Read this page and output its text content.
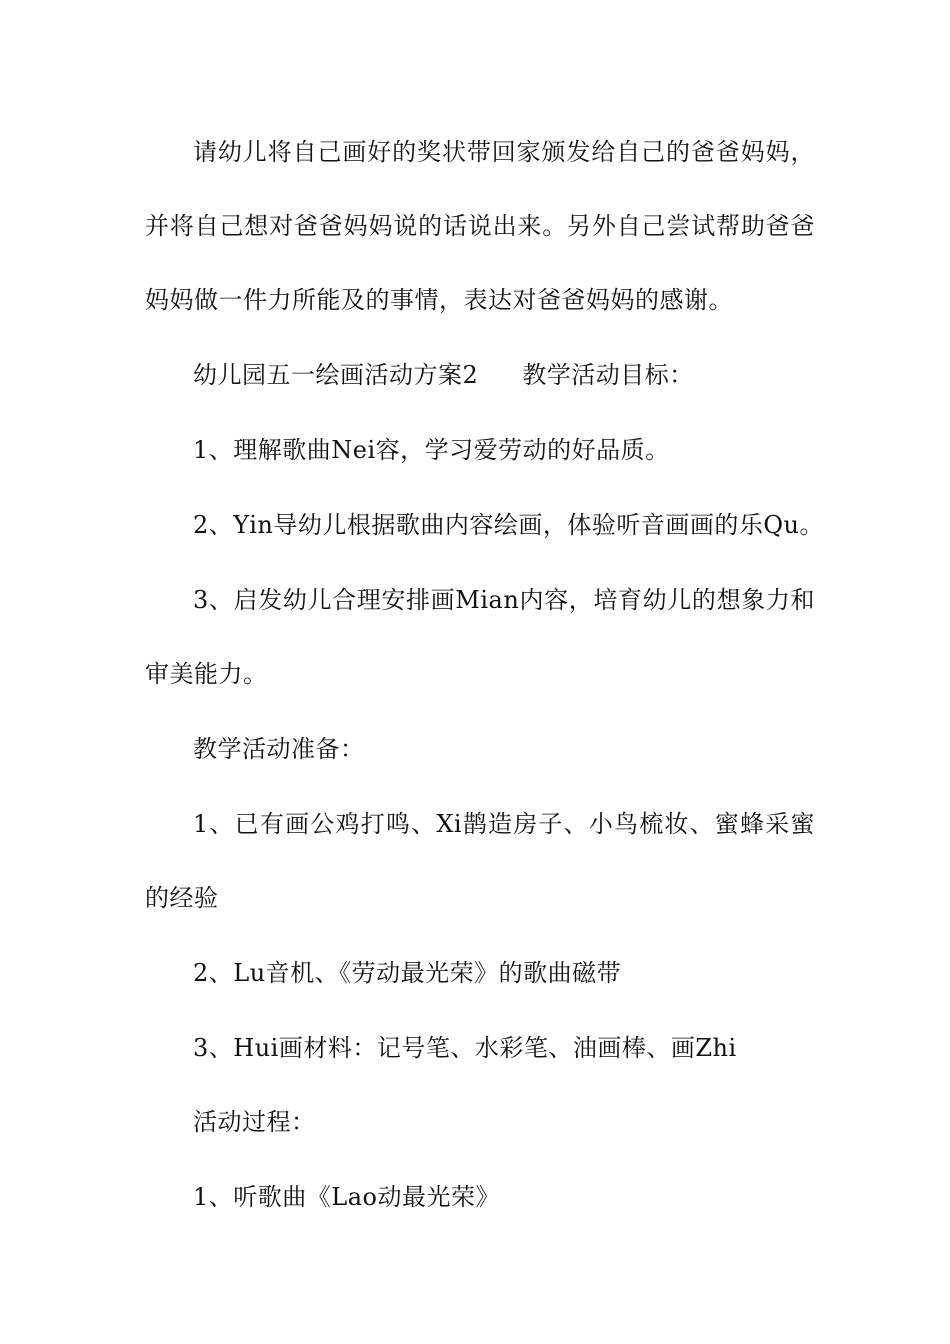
请幼儿将自己画好的奖状带回家颁发给自己的爸爸妈妈，
并将自己想对爸爸妈妈说的话说出来。另外自己尝试帮助爸爸
妈妈做一件力所能及的事情，表达对爸爸妈妈的感谢。
幼儿园五一绘画活动方案2 教学活动目标：
1、理解歌曲Nei容，学习爱劳动的好品质。
2、Yin导幼儿根据歌曲内容绘画，体验听音画画的乐Qu。
3、启发幼儿合理安排画Mian内容，培育幼儿的想象力和
审美能力。
教学活动准备：
1、已有画公鸡打鸣、Xi鹊造房子、小鸟梳妆、蜜蜂采蜜
的经验
2、Lu音机、《劳动最光荣》的歌曲磁带
3、Hui画材料：记号笔、水彩笔、油画棒、画Zhi
活动过程：
1、听歌曲《Lao动最光荣》
